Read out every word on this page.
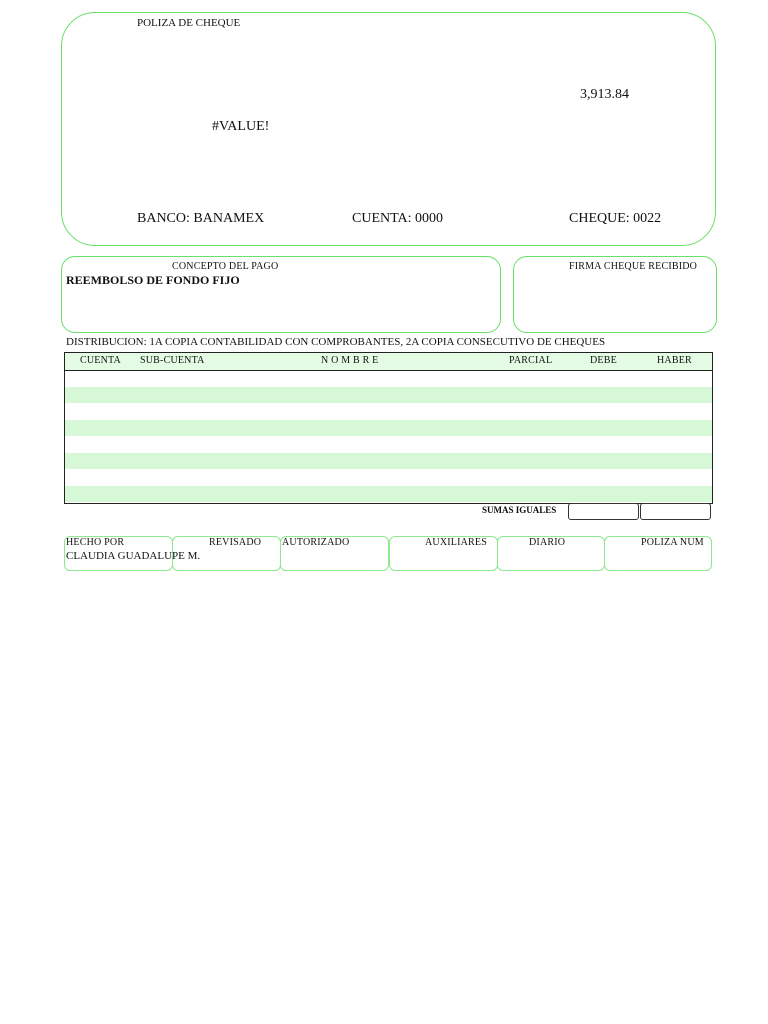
POLIZA DE CHEQUE
3,913.84
#VALUE!
BANCO: BANAMEX	CUENTA: 0000	CHEQUE: 0022
CONCEPTO DEL PAGO
REEMBOLSO DE FONDO FIJO
FIRMA CHEQUE RECIBIDO
DISTRIBUCION: 1A COPIA CONTABILIDAD CON COMPROBANTES, 2A COPIA CONSECUTIVO DE CHEQUES
CUENTA SUB-CUENTA	N O M B R E	PARCIAL	DEBE	HABER
SUMAS IGUALES
HECHO POR
CLAUDIA GUADALUPE M.
REVISADO AUTORIZADO	AUXILIARES	DIARIO	POLIZA NUM
